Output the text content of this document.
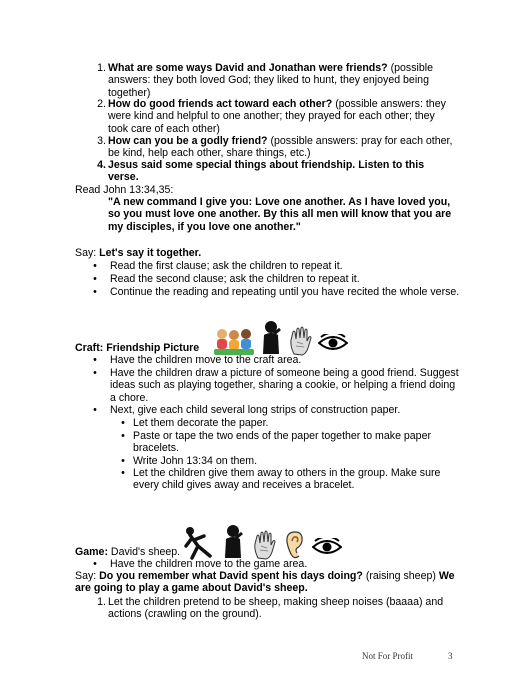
1. What are some ways David and Jonathan were friends? (possible
answers: they both loved God; they liked to hunt, they enjoyed being
together)
2. How do good friends act toward each other? (possible answers: they
were kind and helpful to one another; they prayed for each other; they
took care of each other)
3. How can you be a godly friend? (possible answers: pray for each other,
be kind, help each other, share things, etc.)
4. Jesus said some special things about friendship. Listen to this
verse.
Read John 13:34,35:
"A new command I give you: Love one another. As I have loved you,
so you must love one another. By this all men will know that you are
my disciples, if you love one another."
Say: Let's say it together.
• Read the first clause; ask the children to repeat it.
• Read the second clause; ask the children to repeat it.
• Continue the reading and repeating until you have recited the whole verse.
Craft: Friendship Picture
• Have the children move to the craft area.
• Have the children draw a picture of someone being a good friend. Suggest
ideas such as playing together, sharing a cookie, or helping a friend doing
a chore.
• Next, give each child several long strips of construction paper.
• Let them decorate the paper.
• Paste or tape the two ends of the paper together to make paper
bracelets.
• Write John 13:34 on them.
• Let the children give them away to others in the group. Make sure
every child gives away and receives a bracelet.
Game: David's sheep.
• Have the children move to the game area.
Say: Do you remember what David spent his days doing? (raising sheep) We
are going to play a game about David's sheep.
1. Let the children pretend to be sheep, making sheep noises (baaaa) and
actions (crawling on the ground).
Not For Profit	3
